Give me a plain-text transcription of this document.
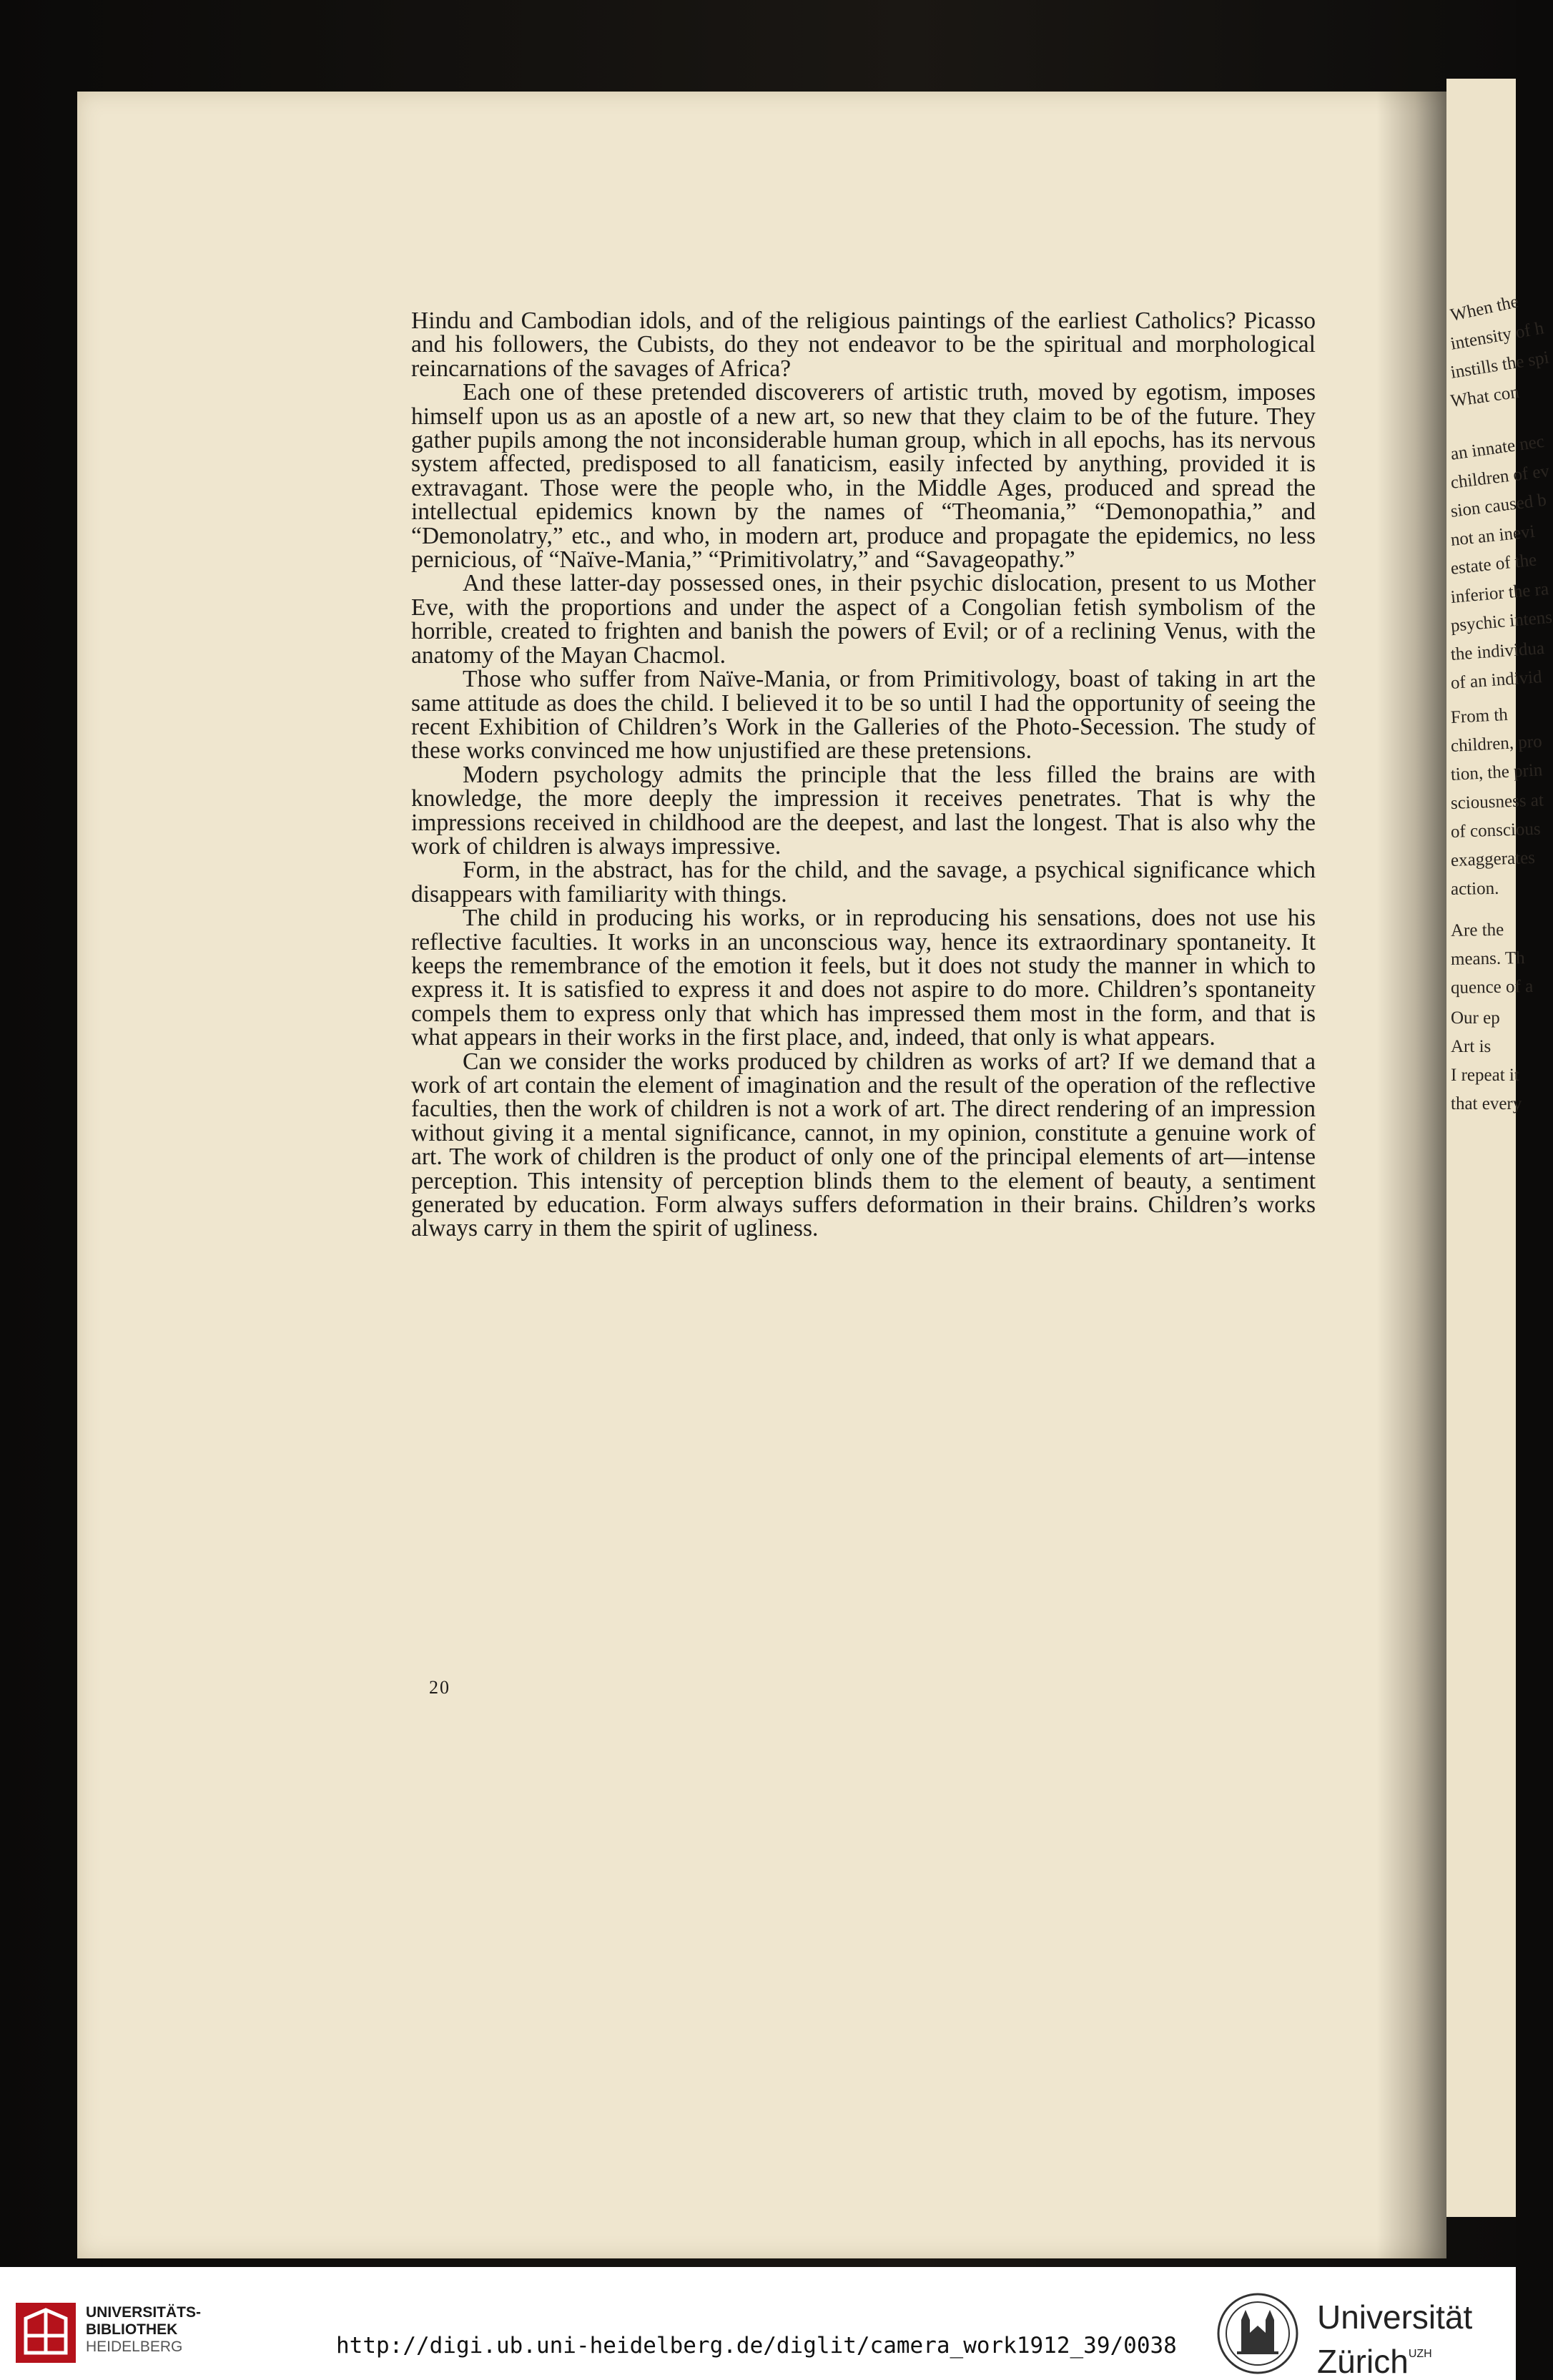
When the
intensity of h
instills the spi
What con
an innate nec
children of ev
sion caused b
not an inevi
estate of the
inferior the ra
psychic intens
the individua
of an individ
From th
children, pro
tion, the prin
sciousness at
of conscious
exaggerates
action.
Are the
means. Th
quence of a
Our ep
Art is
I repeat it
that every

Hindu and Cambodian idols, and of the religious paintings of the earliest Catholics? Picasso and his followers, the Cubists, do they not endeavor to be the spiritual and morphological reincarnations of the savages of Africa?

Each one of these pretended discoverers of artistic truth, moved by egotism, imposes himself upon us as an apostle of a new art, so new that they claim to be of the future. They gather pupils among the not inconsiderable human group, which in all epochs, has its nervous system affected, predisposed to all fanaticism, easily infected by anything, provided it is extravagant. Those were the people who, in the Middle Ages, produced and spread the intellectual epidemics known by the names of “Theomania,” “Demonopathia,” and “Demonolatry,” etc., and who, in modern art, produce and propagate the epidemics, no less pernicious, of “Naïve-Mania,” “Primitivolatry,” and “Savageopathy.”

And these latter-day possessed ones, in their psychic dislocation, present to us Mother Eve, with the proportions and under the aspect of a Congolian fetish symbolism of the horrible, created to frighten and banish the powers of Evil; or of a reclining Venus, with the anatomy of the Mayan Chacmol.

Those who suffer from Naïve-Mania, or from Primitivology, boast of taking in art the same attitude as does the child. I believed it to be so until I had the opportunity of seeing the recent Exhibition of Children’s Work in the Galleries of the Photo-Secession. The study of these works convinced me how unjustified are these pretensions.

Modern psychology admits the principle that the less filled the brains are with knowledge, the more deeply the impression it receives penetrates. That is why the impressions received in childhood are the deepest, and last the longest. That is also why the work of children is always impressive.

Form, in the abstract, has for the child, and the savage, a psychical significance which disappears with familiarity with things.

The child in producing his works, or in reproducing his sensations, does not use his reflective faculties. It works in an unconscious way, hence its extraordinary spontaneity. It keeps the remembrance of the emotion it feels, but it does not study the manner in which to express it. It is satisfied to express it and does not aspire to do more. Children’s spontaneity compels them to express only that which has impressed them most in the form, and that is what appears in their works in the first place, and, indeed, that only is what appears.

Can we consider the works produced by children as works of art? If we demand that a work of art contain the element of imagination and the result of the operation of the reflective faculties, then the work of children is not a work of art. The direct rendering of an impression without giving it a mental significance, cannot, in my opinion, constitute a genuine work of art. The work of children is the product of only one of the principal elements of art—intense perception. This intensity of perception blinds them to the element of beauty, a sentiment generated by education. Form always suffers deformation in their brains. Children’s works always carry in them the spirit of ugliness.

20
UNIVERSITÄTS-
BIBLIOTHEK
HEIDELBERG	http://digi.ub.uni-heidelberg.de/diglit/camera_work1912_39/0038
Universität
Zürich$^{UZH}$
